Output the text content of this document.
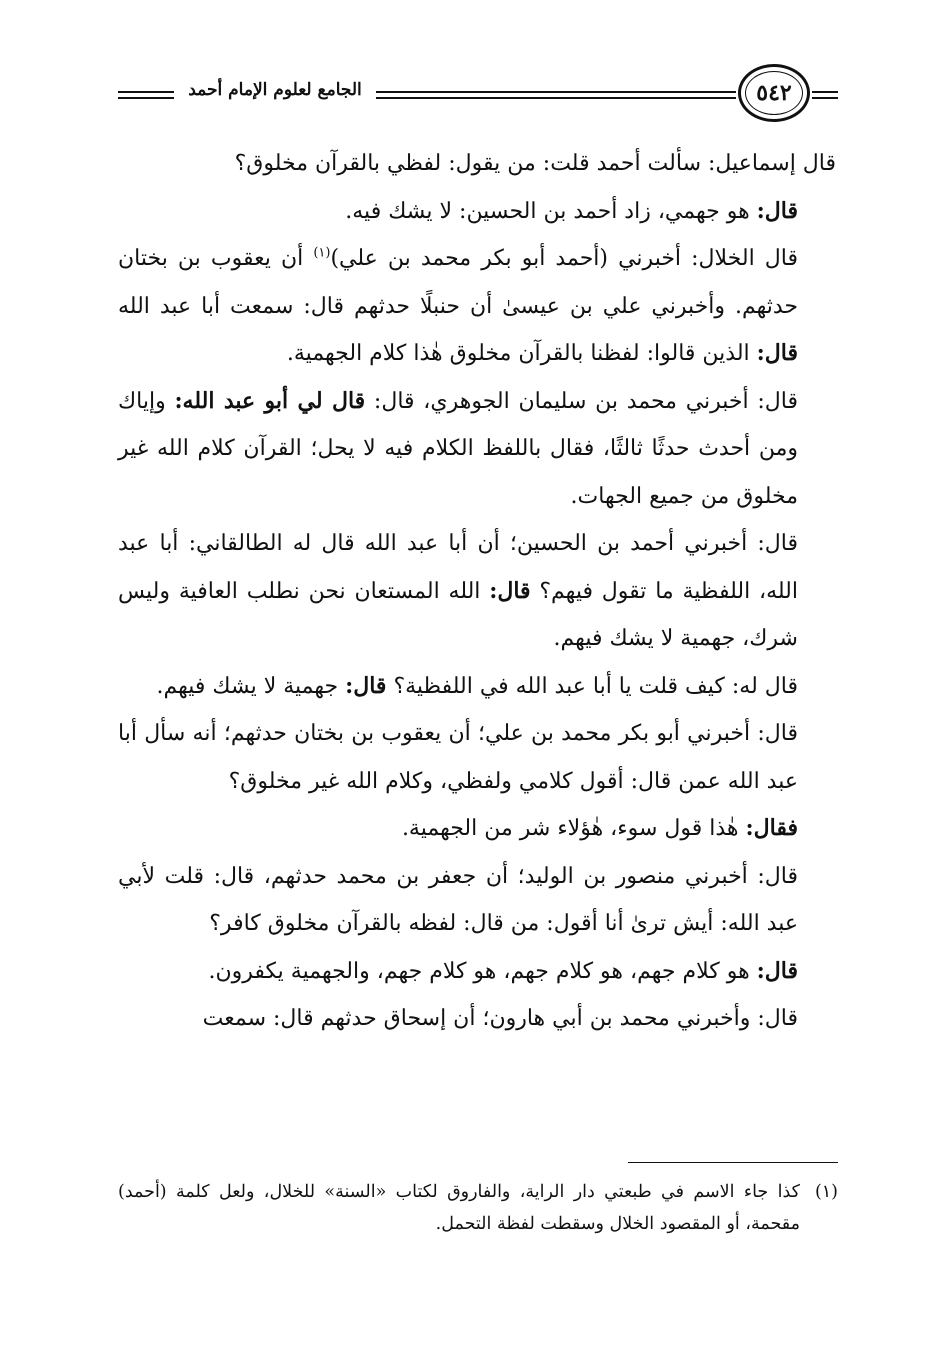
الجامع لعلوم الإمام أحمد	٥٤٢

قال إسماعيل: سألت أحمد قلت: من يقول: لفظي بالقرآن مخلوق؟

قال: هو جهمي، زاد أحمد بن الحسين: لا يشك فيه.

قال الخلال: أخبرني (أحمد أبو بكر محمد بن علي)$^{(١)}$ أن يعقوب بن بختان حدثهم. وأخبرني علي بن عيسىٰ أن حنبلًا حدثهم قال: سمعت أبا عبد الله قال: الذين قالوا: لفظنا بالقرآن مخلوق هٰذا كلام الجهمية.

قال: أخبرني محمد بن سليمان الجوهري، قال: قال لي أبو عبد الله: وإياك ومن أحدث حدثًا ثالثًا، فقال باللفظ الكلام فيه لا يحل؛ القرآن كلام الله غير مخلوق من جميع الجهات.

قال: أخبرني أحمد بن الحسين؛ أن أبا عبد الله قال له الطالقاني: أبا عبد الله، اللفظية ما تقول فيهم؟ قال: الله المستعان نحن نطلب العافية وليس شرك، جهمية لا يشك فيهم.

قال له: كيف قلت يا أبا عبد الله في اللفظية؟ قال: جهمية لا يشك فيهم.

قال: أخبرني أبو بكر محمد بن علي؛ أن يعقوب بن بختان حدثهم؛ أنه سأل أبا عبد الله عمن قال: أقول كلامي ولفظي، وكلام الله غير مخلوق؟

فقال: هٰذا قول سوء، هٰؤلاء شر من الجهمية.

قال: أخبرني منصور بن الوليد؛ أن جعفر بن محمد حدثهم، قال: قلت لأبي عبد الله: أيش ترىٰ أنا أقول: من قال: لفظه بالقرآن مخلوق كافر؟

قال: هو كلام جهم، هو كلام جهم، هو كلام جهم، والجهمية يكفرون.

قال: وأخبرني محمد بن أبي هارون؛ أن إسحاق حدثهم قال: سمعت

(١)
كذا جاء الاسم في طبعتي دار الراية، والفاروق لكتاب «السنة» للخلال، ولعل كلمة (أحمد) مقحمة، أو المقصود الخلال وسقطت لفظة التحمل.
